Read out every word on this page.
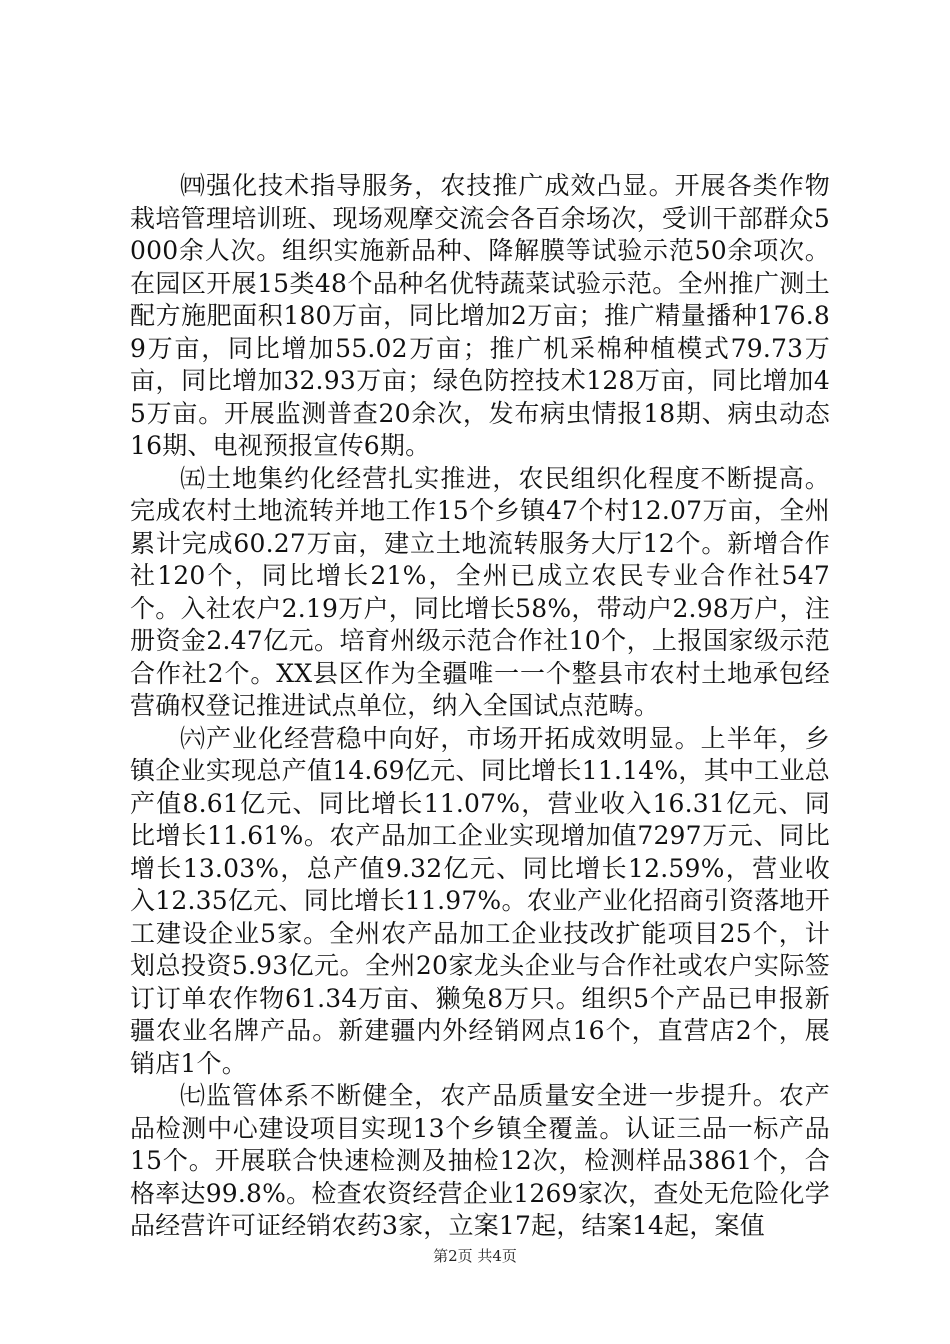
㈣强化技术指导服务，农技推广成效凸显。开展各类作物栽培管理培训班、现场观摩交流会各百余场次，受训干部群众5000余人次。组织实施新品种、降解膜等试验示范50余项次。在园区开展15类48个品种名优特蔬菜试验示范。全州推广测土配方施肥面积180万亩，同比增加2万亩；推广精量播种176.89万亩，同比增加55.02万亩；推广机采棉种植模式79.73万亩，同比增加32.93万亩；绿色防控技术128万亩，同比增加45万亩。开展监测普查20余次，发布病虫情报18期、病虫动态16期、电视预报宣传6期。

㈤土地集约化经营扎实推进，农民组织化程度不断提高。完成农村土地流转并地工作15个乡镇47个村12.07万亩，全州累计完成60.27万亩，建立土地流转服务大厅12个。新增合作社120个，同比增长21%，全州已成立农民专业合作社547个。入社农户2.19万户，同比增长58%，带动户2.98万户，注册资金2.47亿元。培育州级示范合作社10个，上报国家级示范合作社2个。XX县区作为全疆唯一一个整县市农村土地承包经营确权登记推进试点单位，纳入全国试点范畴。

㈥产业化经营稳中向好，市场开拓成效明显。上半年，乡镇企业实现总产值14.69亿元、同比增长11.14%，其中工业总产值8.61亿元、同比增长11.07%，营业收入16.31亿元、同比增长11.61%。农产品加工企业实现增加值7297万元、同比增长13.03%，总产值9.32亿元、同比增长12.59%，营业收入12.35亿元、同比增长11.97%。农业产业化招商引资落地开工建设企业5家。全州农产品加工企业技改扩能项目25个，计划总投资5.93亿元。全州20家龙头企业与合作社或农户实际签订订单农作物61.34万亩、獭兔8万只。组织5个产品已申报新疆农业名牌产品。新建疆内外经销网点16个，直营店2个，展销店1个。

㈦监管体系不断健全，农产品质量安全进一步提升。农产品检测中心建设项目实现13个乡镇全覆盖。认证三品一标产品15个。开展联合快速检测及抽检12次，检测样品3861个，合格率达99.8%。检查农资经营企业1269家次，查处无危险化学品经营许可证经销农药3家，立案17起，结案14起，案值

第2页 共4页
